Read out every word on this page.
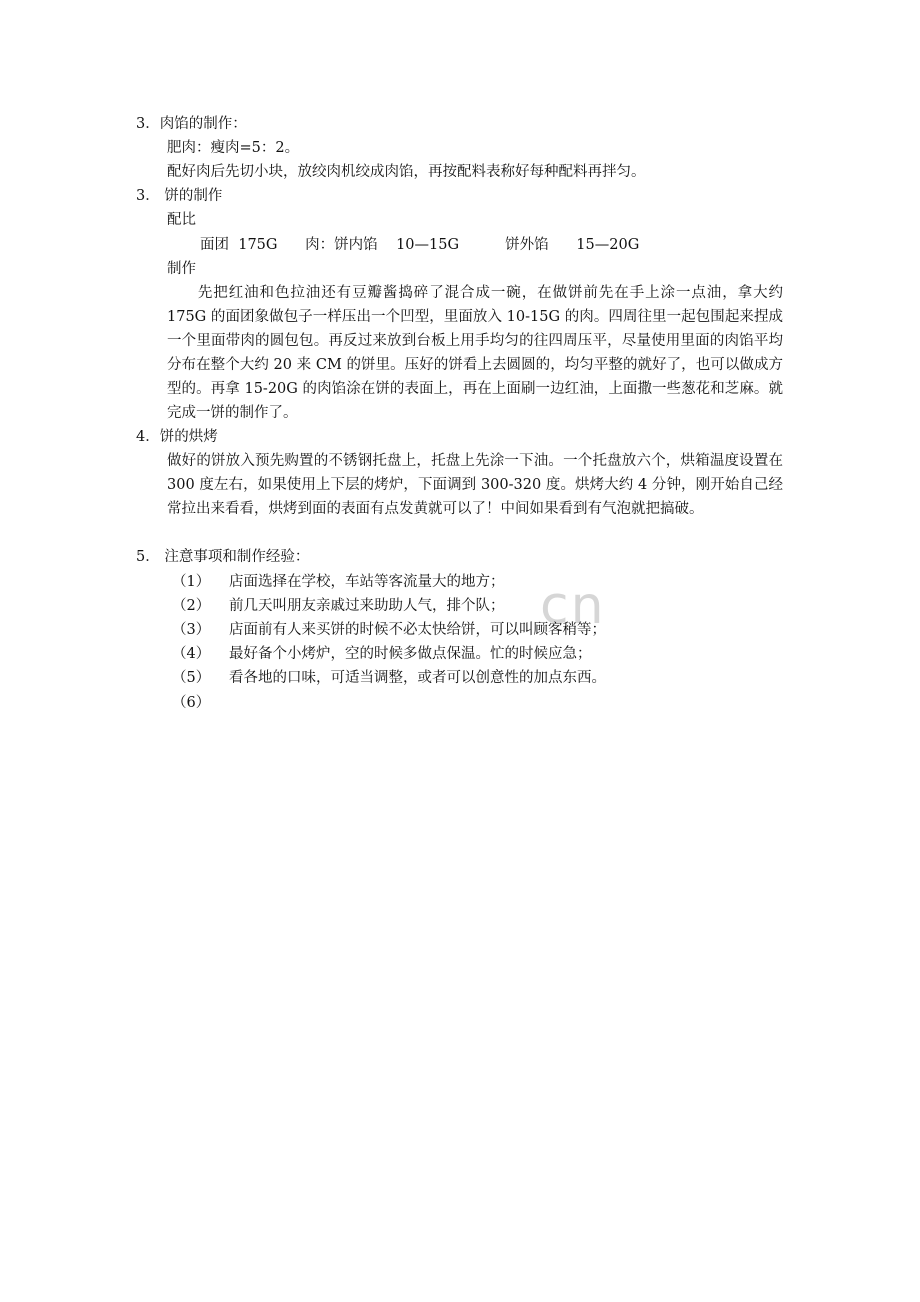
cn
3．肉馅的制作：
肥肉：瘦肉=5：2。
配好肉后先切小块，放绞肉机绞成肉馅，再按配料表称好每种配料再拌匀。
3． 饼的制作
配比
面团  175G      肉：饼内馅    10—15G          饼外馅      15—20G
制作
　　先把红油和色拉油还有豆瓣酱捣碎了混合成一碗，在做饼前先在手上涂一点油，拿大约 175G 的面团象做包子一样压出一个凹型，里面放入 10-15G 的肉。四周往里一起包围起来捏成一个里面带肉的圆包包。再反过来放到台板上用手均匀的往四周压平，尽量使用里面的肉馅平均分布在整个大约 20 来 CM 的饼里。压好的饼看上去圆圆的，均匀平整的就好了，也可以做成方型的。再拿 15-20G 的肉馅涂在饼的表面上，再在上面刷一边红油，上面撒一些葱花和芝麻。就完成一饼的制作了。
4．饼的烘烤
做好的饼放入预先购置的不锈钢托盘上，托盘上先涂一下油。一个托盘放六个，烘箱温度设置在 300 度左右，如果使用上下层的烤炉，下面调到 300-320 度。烘烤大约 4 分钟，刚开始自己经常拉出来看看，烘烤到面的表面有点发黄就可以了！中间如果看到有气泡就把搞破。
5． 注意事项和制作经验：
（1） 店面选择在学校，车站等客流量大的地方；
（2） 前几天叫朋友亲戚过来助助人气，排个队；
（3） 店面前有人来买饼的时候不必太快给饼，可以叫顾客稍等；
（4） 最好备个小烤炉，空的时候多做点保温。忙的时候应急；
（5） 看各地的口味，可适当调整，或者可以创意性的加点东西。
（6）
